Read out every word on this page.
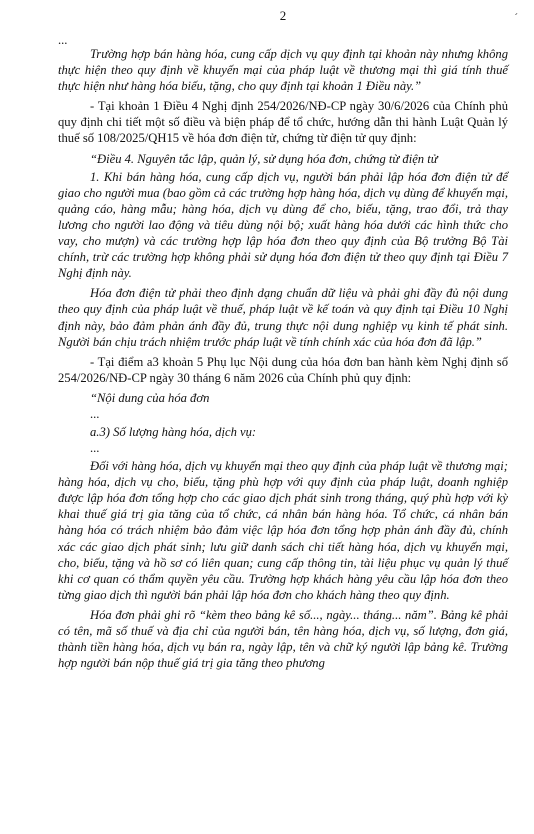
ˊ
2
...

Trường hợp bán hàng hóa, cung cấp dịch vụ quy định tại khoản này nhưng không thực hiện theo quy định về khuyến mại của pháp luật về thương mại thì giá tính thuế thực hiện như hàng hóa biếu, tặng, cho quy định tại khoản 1 Điều này.”

- Tại khoản 1 Điều 4 Nghị định 254/2026/NĐ-CP ngày 30/6/2026 của Chính phủ quy định chi tiết một số điều và biện pháp để tổ chức, hướng dẫn thi hành Luật Quản lý thuế số 108/2025/QH15 về hóa đơn điện tử, chứng từ điện tử quy định:

“Điều 4. Nguyên tắc lập, quản lý, sử dụng hóa đơn, chứng từ điện tử

1. Khi bán hàng hóa, cung cấp dịch vụ, người bán phải lập hóa đơn điện tử để giao cho người mua (bao gồm cả các trường hợp hàng hóa, dịch vụ dùng để khuyến mại, quảng cáo, hàng mẫu; hàng hóa, dịch vụ dùng để cho, biếu, tặng, trao đổi, trả thay lương cho người lao động và tiêu dùng nội bộ; xuất hàng hóa dưới các hình thức cho vay, cho mượn) và các trường hợp lập hóa đơn theo quy định của Bộ trưởng Bộ Tài chính, trừ các trường hợp không phải sử dụng hóa đơn điện tử theo quy định tại Điều 7 Nghị định này.

Hóa đơn điện tử phải theo định dạng chuẩn dữ liệu và phải ghi đầy đủ nội dung theo quy định của pháp luật về thuế, pháp luật về kế toán và quy định tại Điều 10 Nghị định này, bảo đảm phản ánh đầy đủ, trung thực nội dung nghiệp vụ kinh tế phát sinh. Người bán chịu trách nhiệm trước pháp luật về tính chính xác của hóa đơn đã lập.”

- Tại điểm a3 khoản 5 Phụ lục Nội dung của hóa đơn ban hành kèm Nghị định số 254/2026/NĐ-CP ngày 30 tháng 6 năm 2026 của Chính phủ quy định:

“Nội dung của hóa đơn

...

a.3) Số lượng hàng hóa, dịch vụ:

...

Đối với hàng hóa, dịch vụ khuyến mại theo quy định của pháp luật về thương mại; hàng hóa, dịch vụ cho, biếu, tặng phù hợp với quy định của pháp luật, doanh nghiệp được lập hóa đơn tổng hợp cho các giao dịch phát sinh trong tháng, quý phù hợp với kỳ khai thuế giá trị gia tăng của tổ chức, cá nhân bán hàng hóa. Tổ chức, cá nhân bán hàng hóa có trách nhiệm bảo đảm việc lập hóa đơn tổng hợp phản ánh đầy đủ, chính xác các giao dịch phát sinh; lưu giữ danh sách chi tiết hàng hóa, dịch vụ khuyến mại, cho, biếu, tặng và hồ sơ có liên quan; cung cấp thông tin, tài liệu phục vụ quản lý thuế khi cơ quan có thẩm quyền yêu cầu. Trường hợp khách hàng yêu cầu lập hóa đơn theo từng giao dịch thì người bán phải lập hóa đơn cho khách hàng theo quy định.

Hóa đơn phải ghi rõ “kèm theo bảng kê số..., ngày... tháng... năm”. Bảng kê phải có tên, mã số thuế và địa chỉ của người bán, tên hàng hóa, dịch vụ, số lượng, đơn giá, thành tiền hàng hóa, dịch vụ bán ra, ngày lập, tên và chữ ký người lập bảng kê. Trường hợp người bán nộp thuế giá trị gia tăng theo phương
